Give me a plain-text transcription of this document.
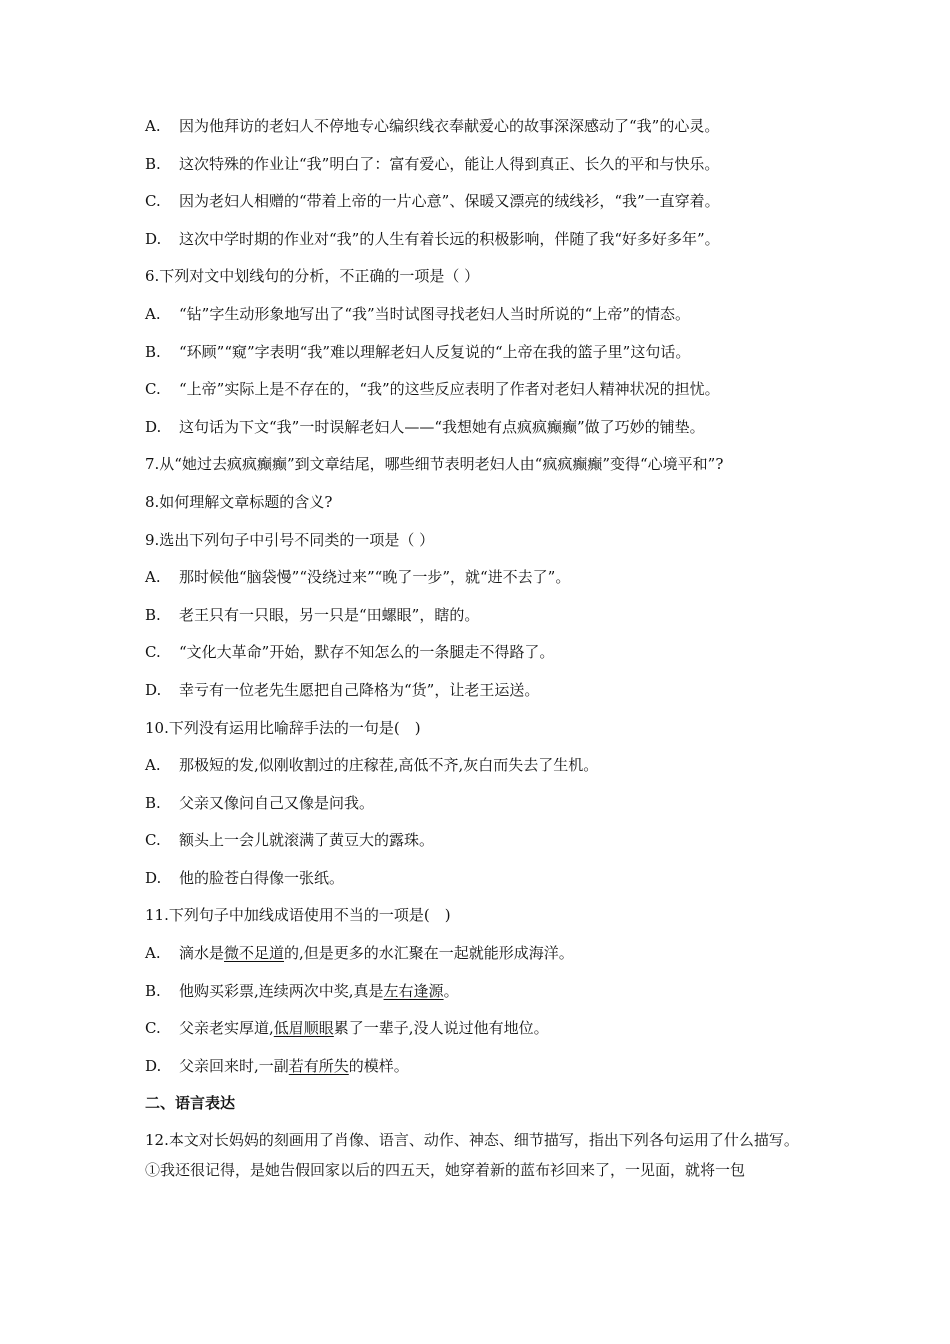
A. 因为他拜访的老妇人不停地专心编织线衣奉献爱心的故事深深感动了“我”的心灵。
B. 这次特殊的作业让“我”明白了：富有爱心，能让人得到真正、长久的平和与快乐。
C. 因为老妇人相赠的“带着上帝的一片心意”、保暖又漂亮的绒线衫，“我”一直穿着。
D. 这次中学时期的作业对“我”的人生有着长远的积极影响，伴随了我“好多好多年”。
6.下列对文中划线句的分析，不正确的一项是（ ）
A. “钻”字生动形象地写出了“我”当时试图寻找老妇人当时所说的“上帝”的情态。
B. “环顾”“窥”字表明“我”难以理解老妇人反复说的“上帝在我的篮子里”这句话。
C. “上帝”实际上是不存在的，“我”的这些反应表明了作者对老妇人精神状况的担忧。
D. 这句话为下文“我”一时误解老妇人——“我想她有点疯疯癫癫”做了巧妙的铺垫。
7.从“她过去疯疯癫癫”到文章结尾，哪些细节表明老妇人由“疯疯癫癫”变得“心境平和”?
8.如何理解文章标题的含义?
9.选出下列句子中引号不同类的一项是（ ）
A. 那时候他“脑袋慢”“没绕过来”“晚了一步”，就“进不去了”。
B. 老王只有一只眼，另一只是“田螺眼”，瞎的。
C. “文化大革命”开始，默存不知怎么的一条腿走不得路了。
D. 幸亏有一位老先生愿把自己降格为“货”，让老王运送。
10.下列没有运用比喻辞手法的一句是(　)
A. 那极短的发,似刚收割过的庄稼茬,高低不齐,灰白而失去了生机。
B. 父亲又像问自己又像是问我。
C. 额头上一会儿就滚满了黄豆大的露珠。
D. 他的脸苍白得像一张纸。
11.下列句子中加线成语使用不当的一项是(　)
A. 滴水是微不足道的,但是更多的水汇聚在一起就能形成海洋。
B. 他购买彩票,连续两次中奖,真是左右逢源。
C. 父亲老实厚道,低眉顺眼累了一辈子,没人说过他有地位。
D. 父亲回来时,一副若有所失的模样。
二、语言表达
12.本文对长妈妈的刻画用了肖像、语言、动作、神态、细节描写，指出下列各句运用了什么描写。
①我还很记得，是她告假回家以后的四五天，她穿着新的蓝布衫回来了，一见面，就将一包
